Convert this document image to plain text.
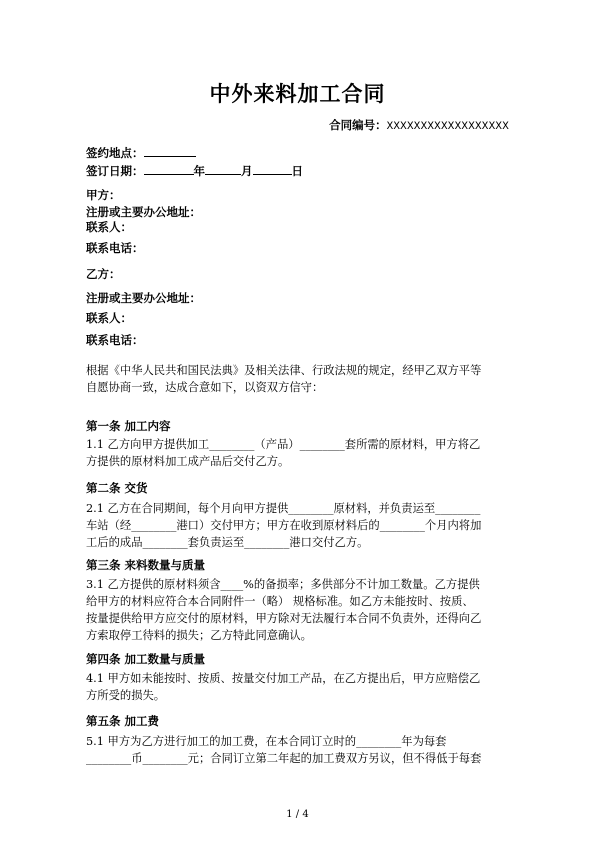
中外来料加工合同
合同编号：XXXXXXXXXXXXXXXXXX
签约地点：
签订日期：	年	月	日
甲方：
注册或主要办公地址：
联系人：
联系电话：
乙方：
注册或主要办公地址：
联系人：
联系电话：
根据《中华人民共和国民法典》及相关法律、行政法规的规定，经甲乙双方平等
自愿协商一致，达成合意如下，以资双方信守：
第一条 加工内容
1.1 乙方向甲方提供加工________（产品）________套所需的原材料，甲方将乙
方提供的原材料加工成产品后交付乙方。
第二条 交货
2.1 乙方在合同期间，每个月向甲方提供________原材料，并负责运至________
车站（经________港口）交付甲方；甲方在收到原材料后的________个月内将加
工后的成品________套负责运至________港口交付乙方。
第三条 来料数量与质量
3.1 乙方提供的原材料须含____%的备损率；多供部分不计加工数量。乙方提供
给甲方的材料应符合本合同附件一（略） 规格标准。如乙方未能按时、按质、
按量提供给甲方应交付的原材料，甲方除对无法履行本合同不负责外，还得向乙
方索取停工待料的损失；乙方特此同意确认。
第四条 加工数量与质量
4.1 甲方如未能按时、按质、按量交付加工产品，在乙方提出后，甲方应赔偿乙
方所受的损失。
第五条 加工费
5.1 甲方为乙方进行加工的加工费，在本合同订立时的________年为每套
________币________元；合同订立第二年起的加工费双方另议，但不得低于每套
1 / 4
